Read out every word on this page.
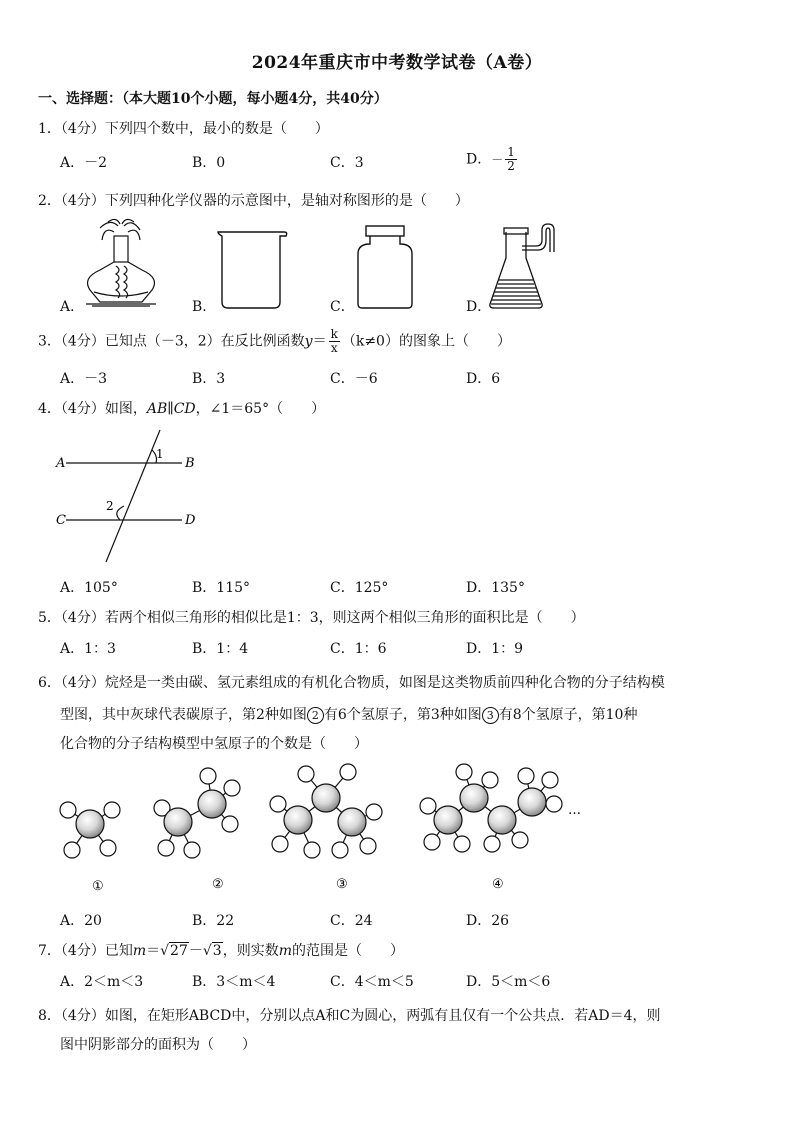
2024年重庆市中考数学试卷（A卷）
一、选择题：（本大题10个小题，每小题4分，共40分）
1．（4分）下列四个数中，最小的数是（　　）
A．－2	B．0	C．3	D．－ $\frac{1}{2}$
2．（4分）下列四种化学仪器的示意图中，是轴对称图形的是（　　）
A．	B．	C．	D．
3．（4分）已知点（－3，2）在反比例函数$y= \frac{k}{x} (k\ne 0)$的图象上（　　）
A．－3	B．3	C．－6	D．6
4．（4分）如图，AB∥CD，∠1＝65°（　　）
A	B
C	D
1
2
A．105°	B．115°	C．125°	D．135°
5．（4分）若两个相似三角形的相似比是1：3，则这两个相似三角形的面积比是（　　）
A．1：3	B．1：4	C．1：6	D．1：9
6．（4分）烷烃是一类由碳、氢元素组成的有机化合物质，如图是这类物质前四种化合物的分子结构模
型图，其中灰球代表碳原子，第2种如图 2 有6个氢原子，第3种如图 3 有8个氢原子，第10种
化合物的分子结构模型中氢原子的个数是（　　）
…
①	②	③	④
A．20	B．22	C．24	D．26
7．（4分）已知m＝√27－√3，则实数m的范围是（　　）
A．2＜m＜3	B．3＜m＜4	C．4＜m＜5	D．5＜m＜6
8．（4分）如图，在矩形ABCD中，分别以点A和C为圆心，两弧有且仅有一个公共点．若AD＝4，则
图中阴影部分的面积为（　　）
